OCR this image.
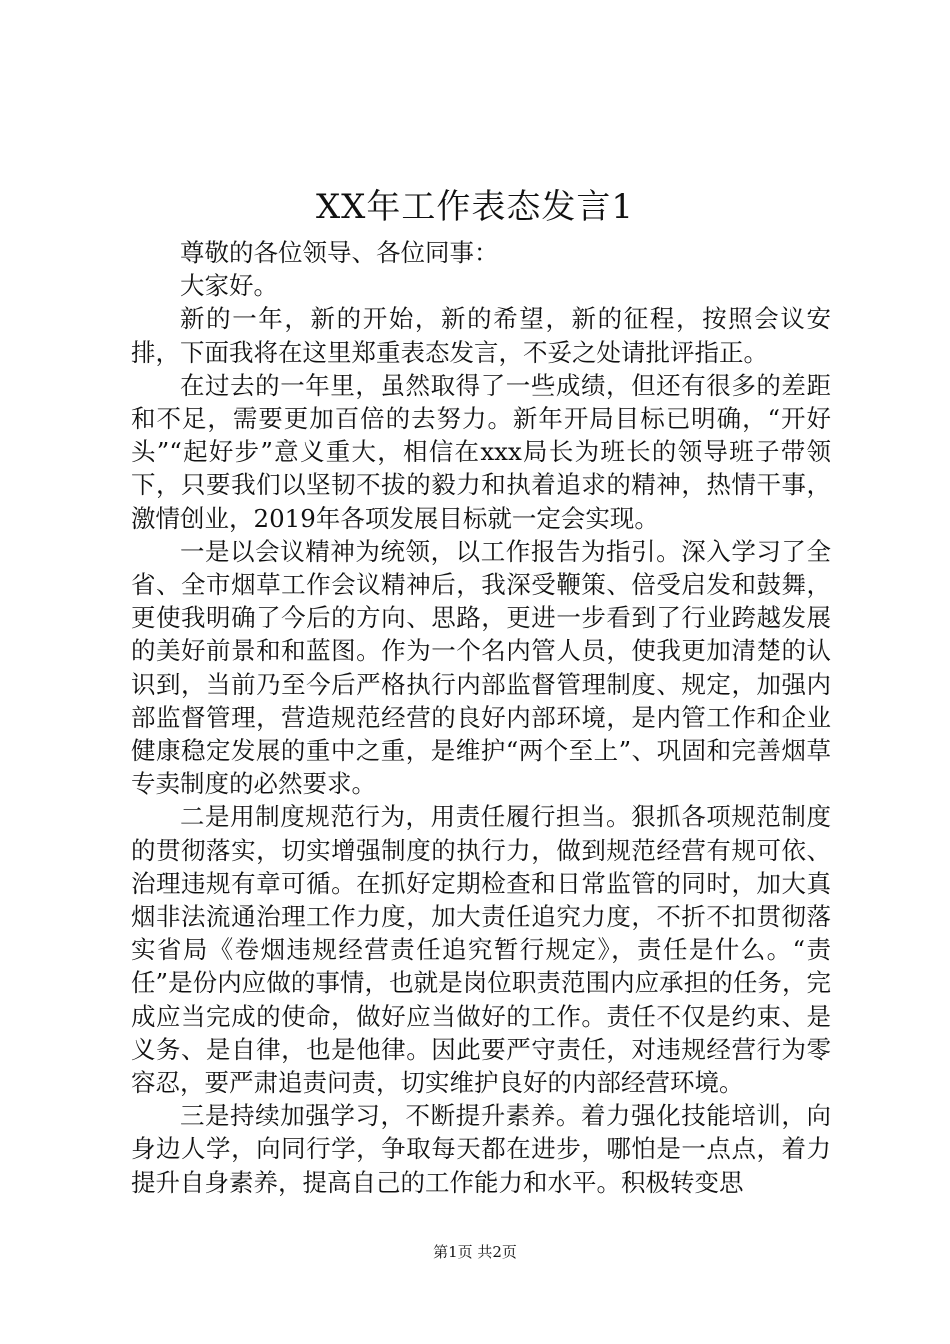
XX年工作表态发言1

尊敬的各位领导、各位同事：

大家好。

新的一年，新的开始，新的希望，新的征程，按照会议安排，下面我将在这里郑重表态发言，不妥之处请批评指正。

在过去的一年里，虽然取得了一些成绩，但还有很多的差距和不足，需要更加百倍的去努力。新年开局目标已明确，“开好头”“起好步”意义重大，相信在xxx局长为班长的领导班子带领下，只要我们以坚韧不拔的毅力和执着追求的精神，热情干事，激情创业，2019年各项发展目标就一定会实现。

一是以会议精神为统领，以工作报告为指引。深入学习了全省、全市烟草工作会议精神后，我深受鞭策、倍受启发和鼓舞，更使我明确了今后的方向、思路，更进一步看到了行业跨越发展的美好前景和和蓝图。作为一个名内管人员，使我更加清楚的认识到，当前乃至今后严格执行内部监督管理制度、规定，加强内部监督管理，营造规范经营的良好内部环境，是内管工作和企业健康稳定发展的重中之重，是维护“两个至上”、巩固和完善烟草专卖制度的必然要求。

二是用制度规范行为，用责任履行担当。狠抓各项规范制度的贯彻落实，切实增强制度的执行力，做到规范经营有规可依、治理违规有章可循。在抓好定期检查和日常监管的同时，加大真烟非法流通治理工作力度，加大责任追究力度，不折不扣贯彻落实省局《卷烟违规经营责任追究暂行规定》，责任是什么。“责任”是份内应做的事情，也就是岗位职责范围内应承担的任务，完成应当完成的使命，做好应当做好的工作。责任不仅是约束、是义务、是自律，也是他律。因此要严守责任，对违规经营行为零容忍，要严肃追责问责，切实维护良好的内部经营环境。

三是持续加强学习，不断提升素养。着力强化技能培训，向身边人学，向同行学，争取每天都在进步，哪怕是一点点，着力提升自身素养，提高自己的工作能力和水平。积极转变思

第1页 共2页
